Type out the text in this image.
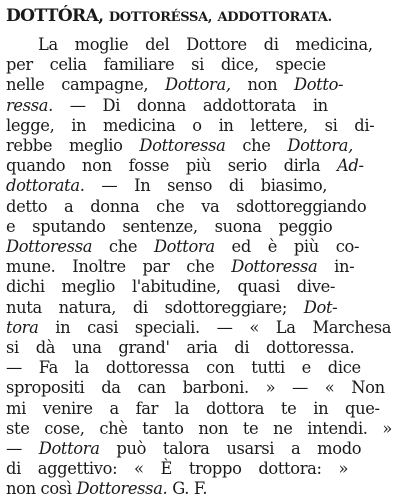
DOTTÓRA, DOTTORÉSSA, ADDOTTORATA.
La moglie del Dottore di medicina,
per celia familiare si dice, specie
nelle campagne, Dottora, non Dotto-
ressa. — Di donna addottorata in
legge, in medicina o in lettere, si di-
rebbe meglio Dottoressa che Dottora,
quando non fosse più serio dirla Ad-
dottorata. — In senso di biasimo,
detto a donna che va sdottoreggiando
e sputando sentenze, suona peggio
Dottoressa che Dottora ed è più co-
mune. Inoltre par che Dottoressa in-
dichi meglio l'abitudine, quasi dive-
nuta natura, di sdottoreggiare; Dot-
tora in casi speciali. — « La Marchesa
si dà una grand' aria di dottoressa.
— Fa la dottoressa con tutti e dice
spropositi da can barboni. » — « Non
mi venire a far la dottora te in que-
ste cose, chè tanto non te ne intendi. »
— Dottora può talora usarsi a modo
di aggettivo: « È troppo dottora: »
non così Dottoressa. G. F.
